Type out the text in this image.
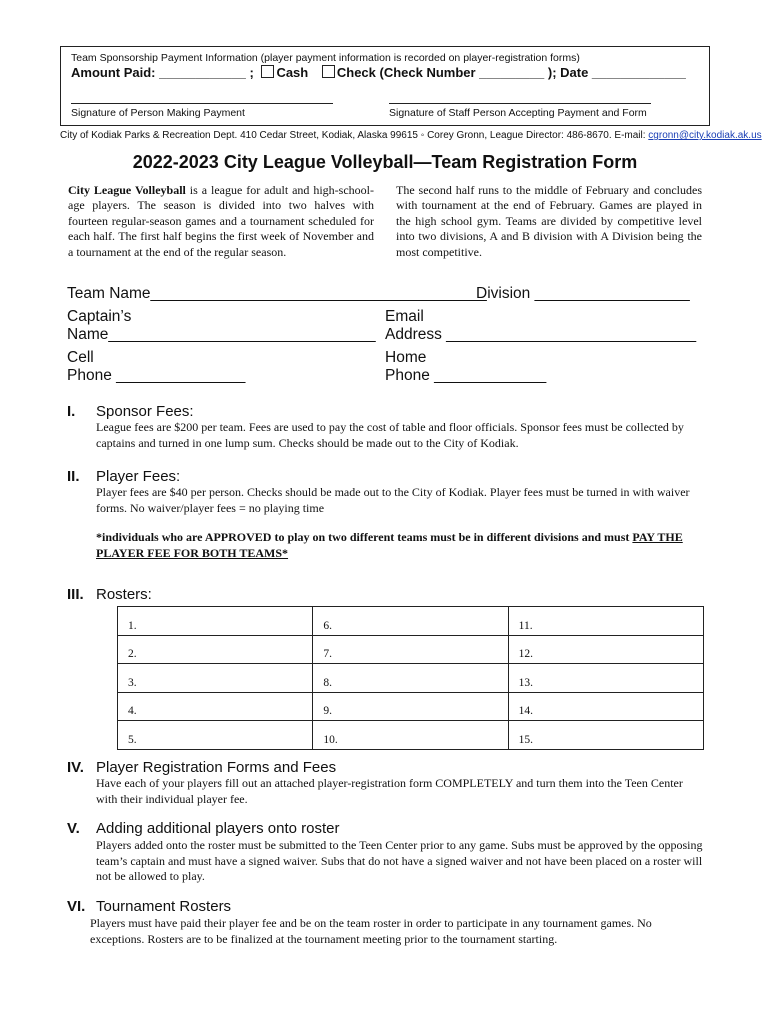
Team Sponsorship Payment Information (player payment information is recorded on player-registration forms)
Amount Paid: ____________ ; Cash Check (Check Number _________ ); Date _____________
Signature of Person Making Payment	Signature of Staff Person Accepting Payment and Form
City of Kodiak Parks & Recreation Dept. 410 Cedar Street, Kodiak, Alaska 99615 ◦ Corey Gronn, League Director: 486-8670. E-mail: cgronn@city.kodiak.ak.us
2022-2023 City League Volleyball—Team Registration Form
City League Volleyball is a league for adult and high-school-age players. The season is divided into two halves with fourteen regular-season games and a tournament scheduled for each half. The first half begins the first week of November and a tournament at the end of the regular season.
The second half runs to the middle of February and concludes with tournament at the end of February. Games are played in the high school gym. Teams are divided by competitive level into two divisions, A and B division with A Division being the most competitive.
Team Name_______________________________________
Division __________________
Captain’s
Name_______________________________
Email
Address _____________________________
Cell
Phone _______________
Home
Phone _____________
I. Sponsor Fees:
League fees are $200 per team. Fees are used to pay the cost of table and floor officials. Sponsor fees must be collected by captains and turned in one lump sum. Checks should be made out to the City of Kodiak.
II. Player Fees:
Player fees are $40 per person. Checks should be made out to the City of Kodiak. Player fees must be turned in with waiver forms. No waiver/player fees = no playing time
*individuals who are APPROVED to play on two different teams must be in different divisions and must PAY THE PLAYER FEE FOR BOTH TEAMS*
III. Rosters:
1.	6.	11.
2.	7.	12.
3.	8.	13.
4.	9.	14.
5.	10.	15.
IV. Player Registration Forms and Fees
Have each of your players fill out an attached player-registration form COMPLETELY and turn them into the Teen Center with their individual player fee.
V. Adding additional players onto roster
Players added onto the roster must be submitted to the Teen Center prior to any game. Subs must be approved by the opposing team’s captain and must have a signed waiver. Subs that do not have a signed waiver and not have been placed on a roster will not be allowed to play.
VI. Tournament Rosters
Players must have paid their player fee and be on the team roster in order to participate in any tournament games. No exceptions. Rosters are to be finalized at the tournament meeting prior to the tournament starting.
